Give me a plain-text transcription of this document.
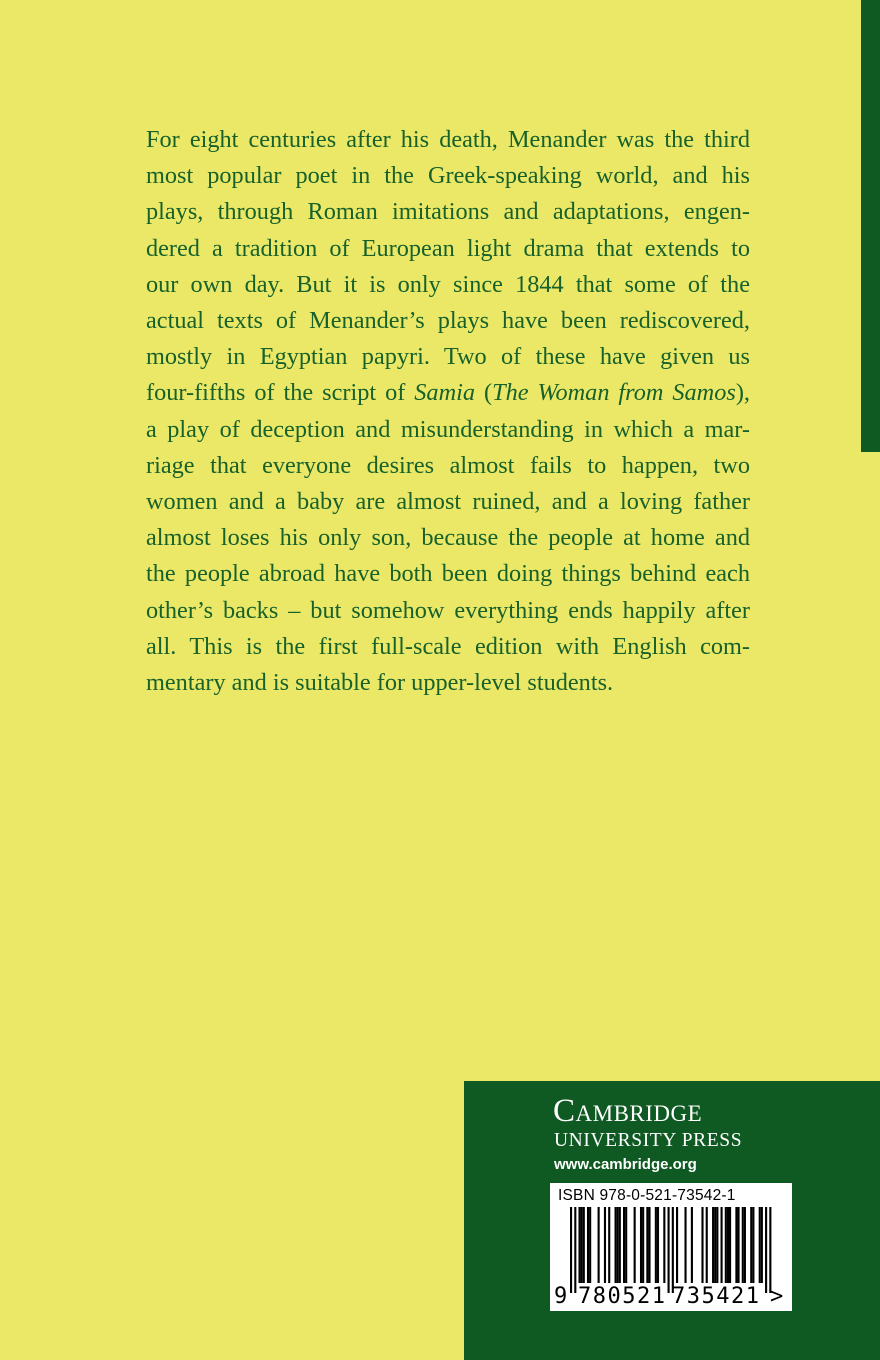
For eight centuries after his death, Menander was the third
most popular poet in the Greek-speaking world, and his
plays, through Roman imitations and adaptations, engen-
dered a tradition of European light drama that extends to
our own day. But it is only since 1844 that some of the
actual texts of Menander’s plays have been rediscovered,
mostly in Egyptian papyri. Two of these have given us
four-fifths of the script of Samia (The Woman from Samos),
a play of deception and misunderstanding in which a mar-
riage that everyone desires almost fails to happen, two
women and a baby are almost ruined, and a loving father
almost loses his only son, because the people at home and
the people abroad have both been doing things behind each
other’s backs – but somehow everything ends happily after
all. This is the first full-scale edition with English com-
mentary and is suitable for upper-level students.
Cambridge
UNIVERSITY PRESS
www.cambridge.org
ISBN 978-0-521-73542-1
9 780521 735421 >
